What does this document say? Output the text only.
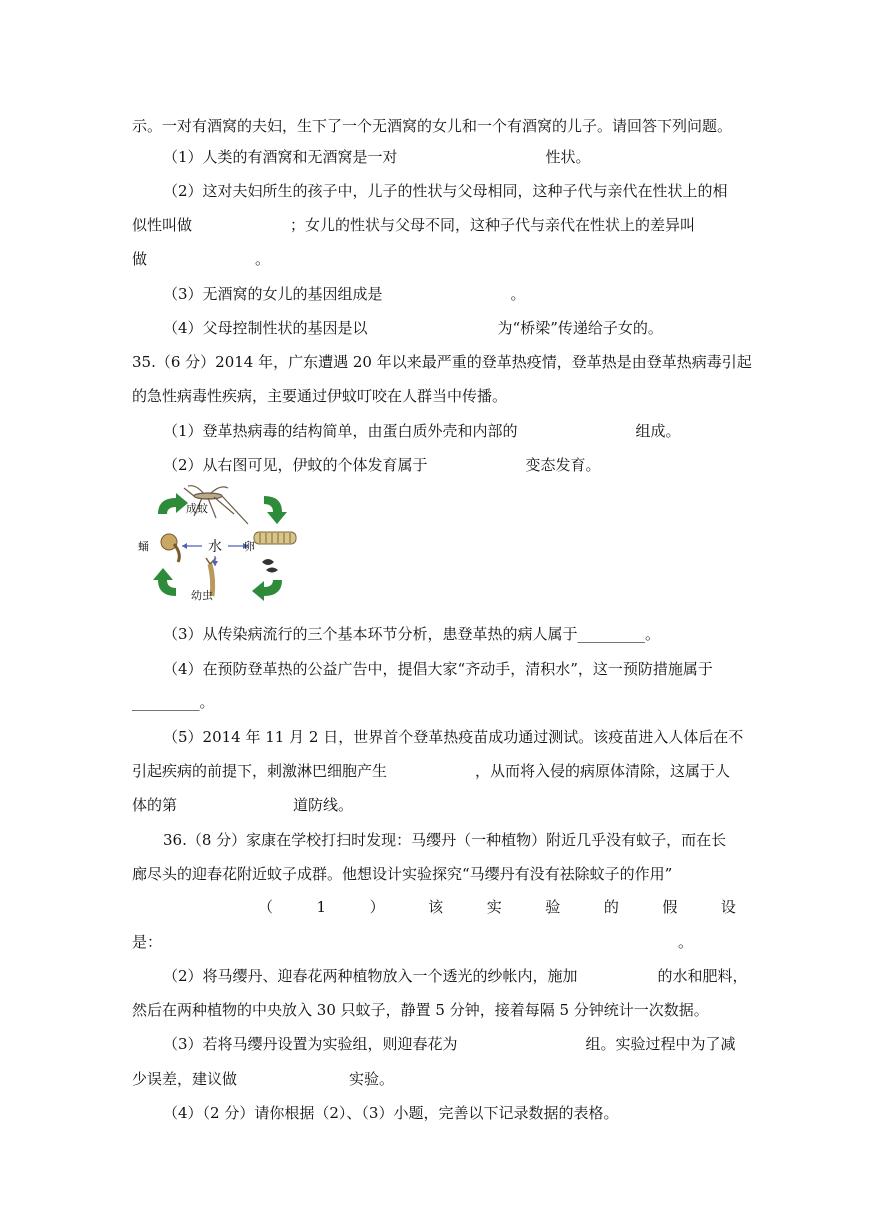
示。一对有酒窝的夫妇，生下了一个无酒窝的女儿和一个有酒窝的儿子。请回答下列问题。
（1）人类的有酒窝和无酒窝是一对	性状。
（2）这对夫妇所生的孩子中，儿子的性状与父母相同，这种子代与亲代在性状上的相
似性叫做	；女儿的性状与父母不同，这种子代与亲代在性状上的差异叫
做	。
（3）无酒窝的女儿的基因组成是	。
（4）父母控制性状的基因是以	为“桥梁”传递给子女的。
35.（6 分）2014 年，广东遭遇 20 年以来最严重的登革热疫情，登革热是由登革热病毒引起
的急性病毒性疾病，主要通过伊蚊叮咬在人群当中传播。
（1）登革热病毒的结构简单，由蛋白质外壳和内部的	组成。
（2）从右图可见，伊蚊的个体发育属于	变态发育。
成蚊
卵
幼虫
蛹	水
（3）从传染病流行的三个基本环节分析，患登革热的病人属于_________。
（4）在预防登革热的公益广告中，提倡大家“齐动手，清积水”，这一预防措施属于
_________。
（5）2014 年 11 月 2 日，世界首个登革热疫苗成功通过测试。该疫苗进入人体后在不
引起疾病的前提下，刺激淋巴细胞产生	，从而将入侵的病原体清除，这属于人
体的第	道防线。
36.（8 分）家康在学校打扫时发现：马缨丹（一种植物）附近几乎没有蚊子，而在长
廊尽头的迎春花附近蚊子成群。他想设计实验探究“马缨丹有没有祛除蚊子的作用”
（	1	）	该	实	验	的	假	设
是：	。
（2）将马缨丹、迎春花两种植物放入一个透光的纱帐内，施加	的水和肥料，
然后在两种植物的中央放入 30 只蚊子，静置 5 分钟，接着每隔 5 分钟统计一次数据。
（3）若将马缨丹设置为实验组，则迎春花为	组。实验过程中为了减
少误差，建议做	实验。
（4）（2 分）请你根据（2）、（3）小题，完善以下记录数据的表格。
